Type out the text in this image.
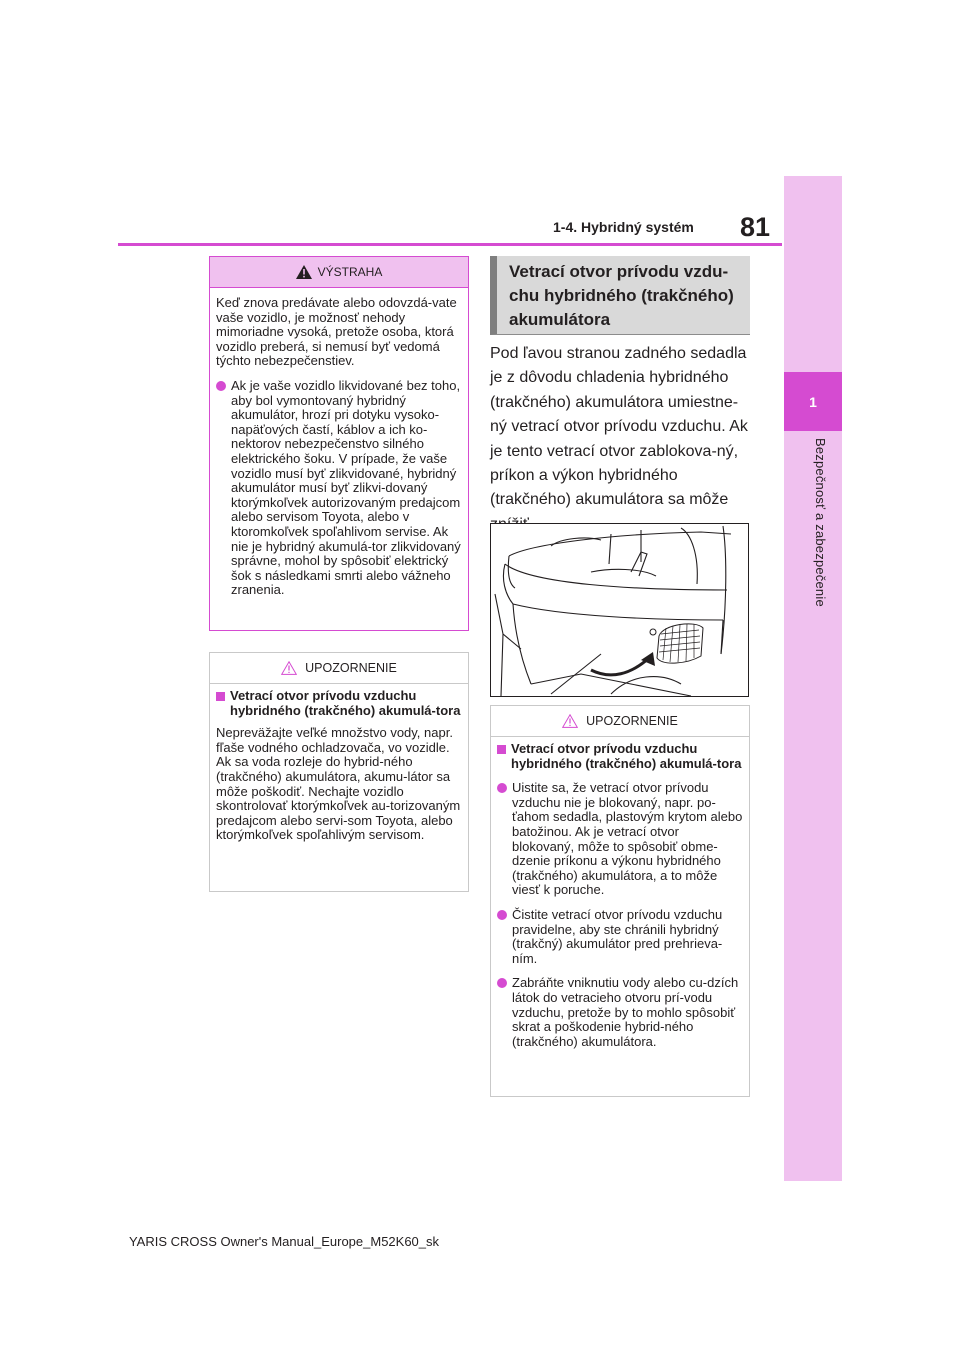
1
Bezpečnosť a zabezpečenie
1-4. Hybridný systém 81
VÝSTRAHA

Keď znova predávate alebo odovzdá-vate vaše vozidlo, je možnosť nehody mimoriadne vysoká, pretože osoba, ktorá vozidlo preberá, si nemusí byť vedomá týchto nebezpečenstiev.

Ak je vaše vozidlo likvidované bez toho, aby bol vymontovaný hybridný akumulátor, hrozí pri dotyku vysoko-napäťových častí, káblov a ich ko-nektorov nebezpečenstvo silného elektrického šoku. V prípade, že vaše vozidlo musí byť zlikvidované, hybridný akumulátor musí byť zlikvi-dovaný ktorýmkoľvek autorizovaným predajcom alebo servisom Toyota, alebo v ktoromkoľvek spoľahlivom servise. Ak nie je hybridný akumulá-tor zlikvidovaný správne, mohol by spôsobiť elektrický šok s následkami smrti alebo vážneho zranenia.
UPOZORNENIE
Vetrací otvor prívodu vzduchu hybridného (trakčného) akumulá-tora

Nepreväžajte veľké množstvo vody, napr. fľaše vodného ochladzovača, vo vozidle. Ak sa voda rozleje do hybrid-ného (trakčného) akumulátora, akumu-látor sa môže poškodiť. Nechajte vozidlo skontrolovať ktorýmkoľvek au-torizovaným predajcom alebo servi-som Toyota, alebo ktorýmkoľvek spoľahlivým servisom.

Vetrací otvor prívodu vzdu-chu hybridného (trakčného) akumulátora
Pod ľavou stranou zadného sedadla je z dôvodu chladenia hybridného (trakčného) akumulátora umiestne-ný vetrací otvor prívodu vzduchu. Ak je tento vetrací otvor zablokova-ný, príkon a výkon hybridného (trakčného) akumulátora sa môže
UPOZORNENIE
Vetrací otvor prívodu vzduchu hybridného (trakčného) akumulá-tora
Uistite sa, že vetrací otvor prívodu vzduchu nie je blokovaný, napr. po-ťahom sedadla, plastovým krytom alebo batožinou. Ak je vetrací otvor blokovaný, môže to spôsobiť obme-dzenie príkonu a výkonu hybridného (trakčného) akumulátora, a to môže viesť k poruche.
Čistite vetrací otvor prívodu vzduchu pravidelne, aby ste chránili hybridný (trakčný) akumulátor pred prehrieva-ním.
Zabráňte vniknutiu vody alebo cu-dzích látok do vetracieho otvoru prí-vodu vzduchu, pretože by to mohlo spôsobiť skrat a poškodenie hybrid-ného (trakčného) akumulátora.
YARIS CROSS Owner's Manual_Europe_M52K60_sk
